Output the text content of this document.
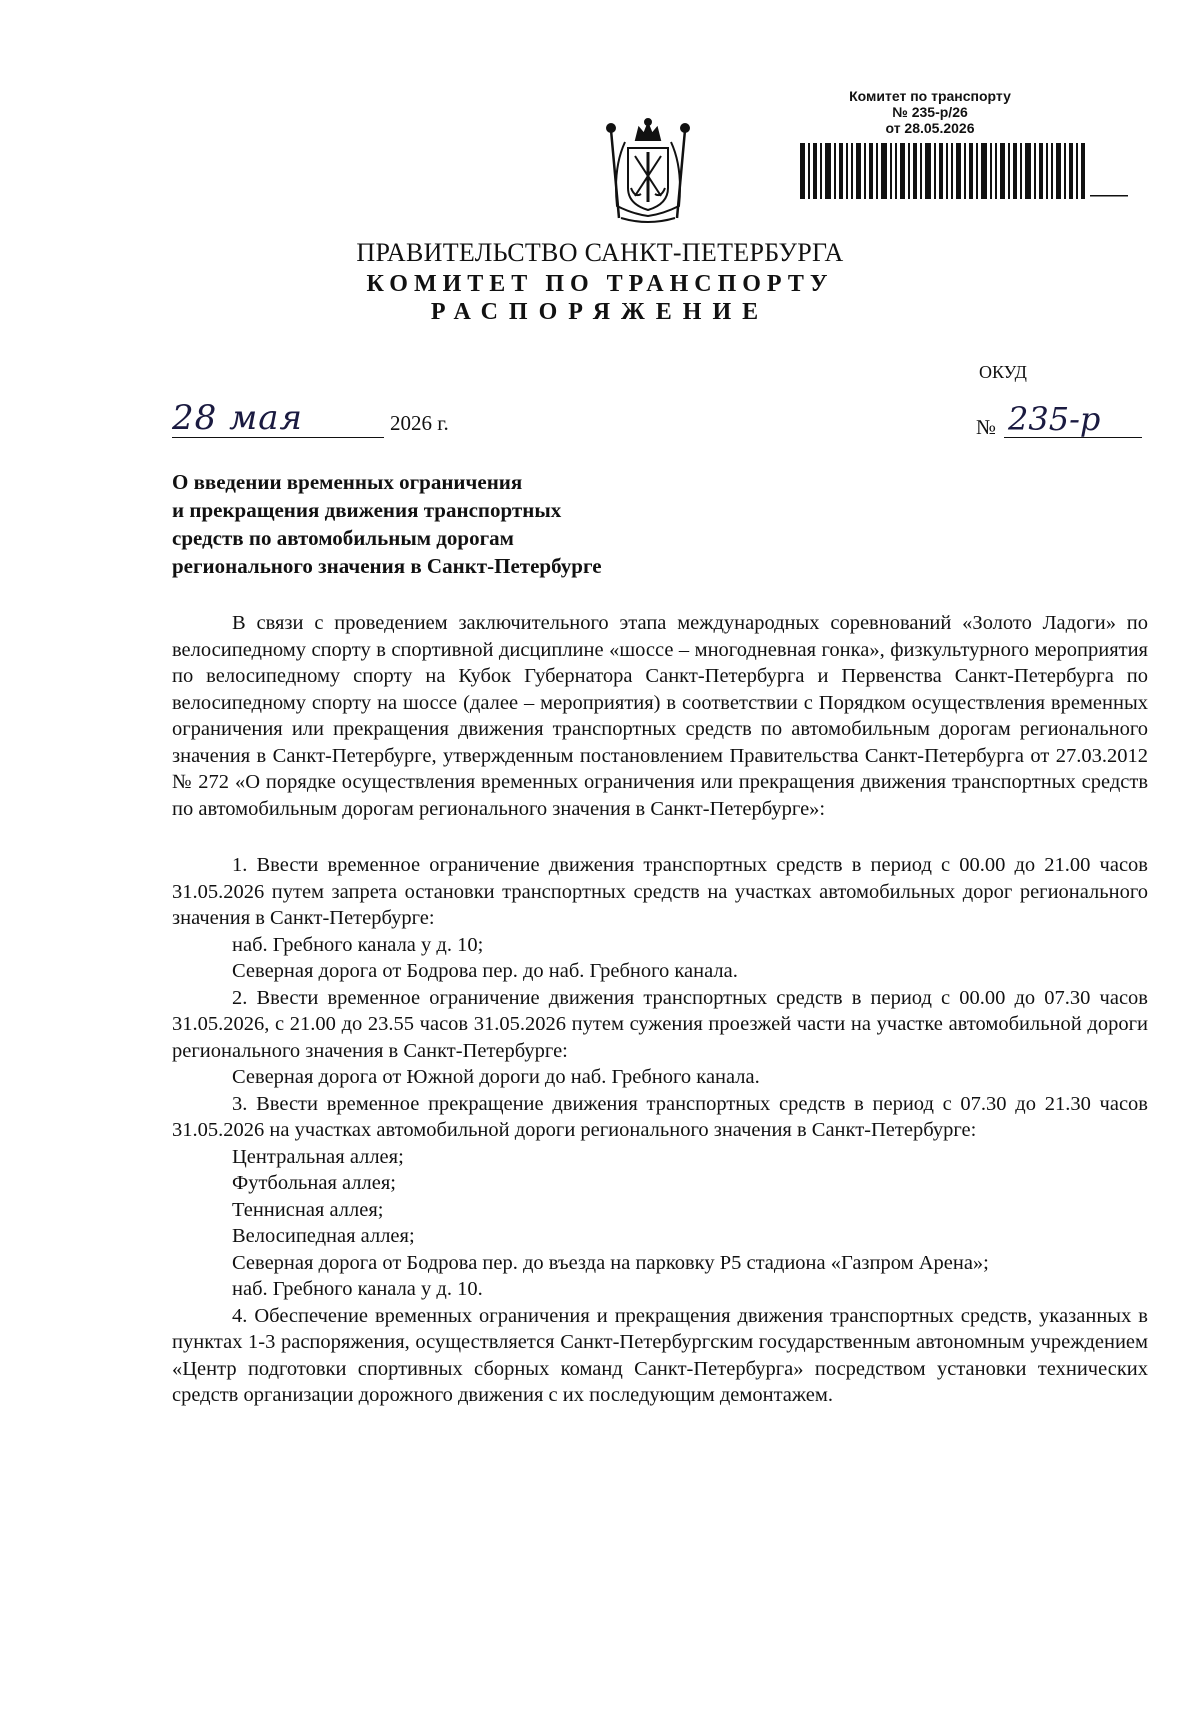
Комитет по транспорту
№ 235-р/26
от 28.05.2026
ПРАВИТЕЛЬСТВО САНКТ-ПЕТЕРБУРГА
КОМИТЕТ ПО ТРАНСПОРТУ
РАСПОРЯЖЕНИЕ
ОКУД
28 мая	2026 г.	№ 235-р
О введении временных ограничения
и прекращения движения транспортных
средств по автомобильным дорогам
регионального значения в Санкт-Петербурге
В связи с проведением заключительного этапа международных соревнований «Золото Ладоги» по велосипедному спорту в спортивной дисциплине «шоссе – многодневная гонка», физкультурного мероприятия по велосипедному спорту на Кубок Губернатора Санкт-Петербурга и Первенства Санкт-Петербурга по велосипедному спорту на шоссе (далее – мероприятия) в соответствии с Порядком осуществления временных ограничения или прекращения движения транспортных средств по автомобильным дорогам регионального значения в Санкт-Петербурге, утвержденным постановлением Правительства Санкт-Петербурга от 27.03.2012 № 272 «О порядке осуществления временных ограничения или прекращения движения транспортных средств по автомобильным дорогам регионального значения в Санкт-Петербурге»:
1. Ввести временное ограничение движения транспортных средств в период с 00.00 до 21.00 часов 31.05.2026 путем запрета остановки транспортных средств на участках автомобильных дорог регионального значения в Санкт-Петербурге:
наб. Гребного канала у д. 10;
Северная дорога от Бодрова пер. до наб. Гребного канала.
2. Ввести временное ограничение движения транспортных средств в период с 00.00 до 07.30 часов 31.05.2026, с 21.00 до 23.55 часов 31.05.2026 путем сужения проезжей части на участке автомобильной дороги регионального значения в Санкт-Петербурге:
Северная дорога от Южной дороги до наб. Гребного канала.
3. Ввести временное прекращение движения транспортных средств в период с 07.30 до 21.30 часов 31.05.2026 на участках автомобильной дороги регионального значения в Санкт-Петербурге:
Центральная аллея;
Футбольная аллея;
Теннисная аллея;
Велосипедная аллея;
Северная дорога от Бодрова пер. до въезда на парковку Р5 стадиона «Газпром Арена»;
наб. Гребного канала у д. 10.
4. Обеспечение временных ограничения и прекращения движения транспортных средств, указанных в пунктах 1-3 распоряжения, осуществляется Санкт-Петербургским государственным автономным учреждением «Центр подготовки спортивных сборных команд Санкт-Петербурга» посредством установки технических средств организации дорожного движения с их последующим демонтажем.
